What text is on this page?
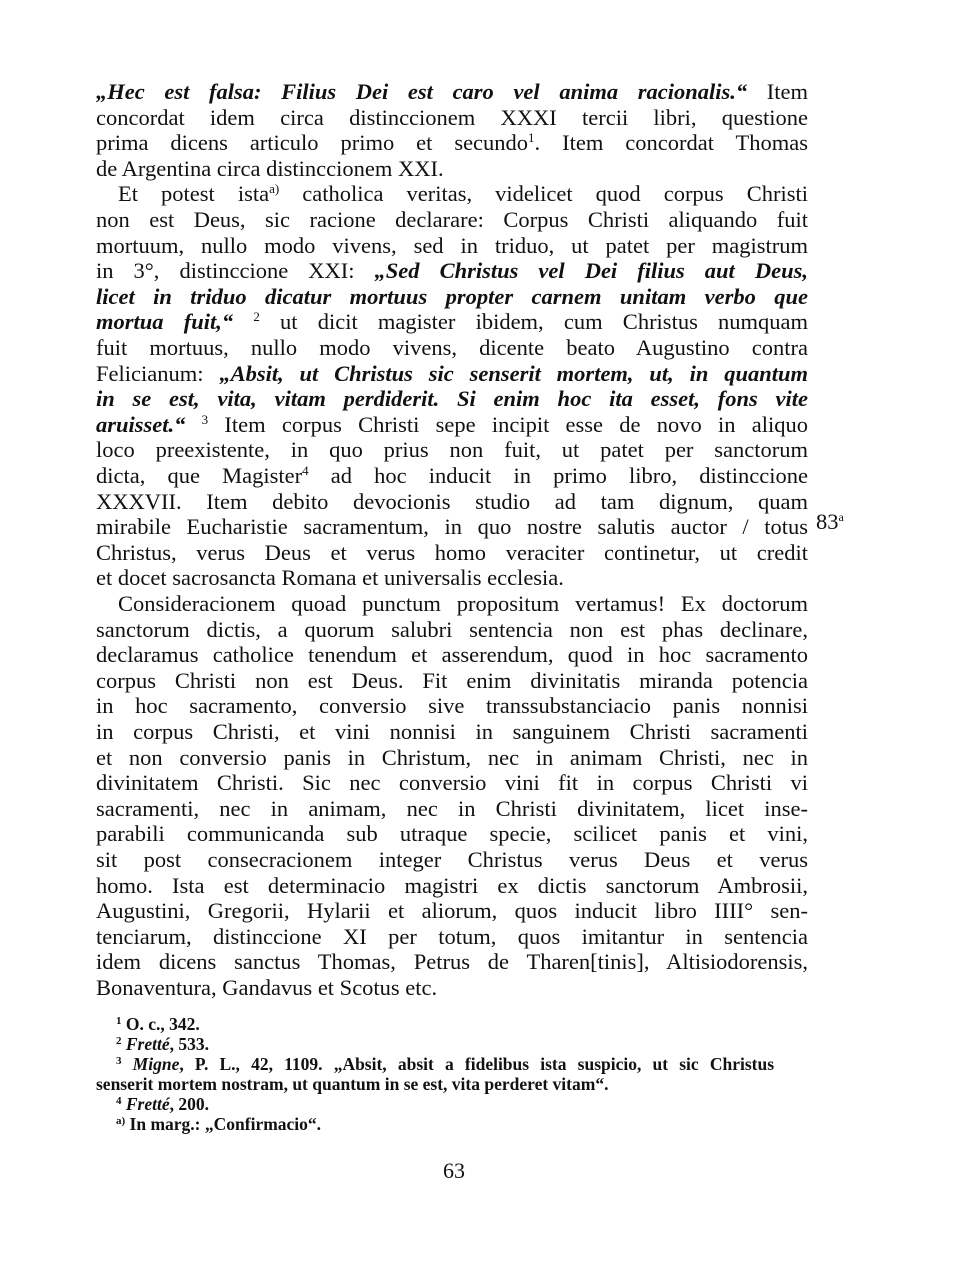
„Hec est falsa: Filius Dei est caro vel anima racionalis.“ Item

concordat idem circa distinccionem XXXI tercii libri, questione

prima dicens articulo primo et secundo$^1$. Item concordat Thomas

de Argentina circa distinccionem XXI.

Et potest ista$^{a)}$ catholica veritas, videlicet quod corpus Christi

non est Deus, sic racione declarare: Corpus Christi aliquando fuit

mortuum, nullo modo vivens, sed in triduo, ut patet per magistrum

in 3°, distinccione XXI: „Sed Christus vel Dei filius aut Deus,

licet in triduo dicatur mortuus propter carnem unitam verbo que

mortua fuit,“ $^2$ ut dicit magister ibidem, cum Christus numquam

fuit mortuus, nullo modo vivens, dicente beato Augustino contra

Felicianum: „Absit, ut Christus sic senserit mortem, ut, in quantum

in se est, vita, vitam perdiderit. Si enim hoc ita esset, fons vite

aruisset.“ $^3$ Item corpus Christi sepe incipit esse de novo in aliquo

loco preexistente, in quo prius non fuit, ut patet per sanctorum

dicta, que Magister$^4$ ad hoc inducit in primo libro, distinccione

XXXVII. Item debito devocionis studio ad tam dignum, quam

mirabile Eucharistie sacramentum, in quo nostre salutis auctor / totus

Christus, verus Deus et verus homo veraciter continetur, ut credit

et docet sacrosancta Romana et universalis ecclesia.

Consideracionem quoad punctum propositum vertamus! Ex doctorum

sanctorum dictis, a quorum salubri sentencia non est phas declinare,

declaramus catholice tenendum et asserendum, quod in hoc sacramento

corpus Christi non est Deus. Fit enim divinitatis miranda potencia

in hoc sacramento, conversio sive transsubstanciacio panis nonnisi

in corpus Christi, et vini nonnisi in sanguinem Christi sacramenti

et non conversio panis in Christum, nec in animam Christi, nec in

divinitatem Christi. Sic nec conversio vini fit in corpus Christi vi

sacramenti, nec in animam, nec in Christi divinitatem, licet inse-

parabili communicanda sub utraque specie, scilicet panis et vini,

sit post consecracionem integer Christus verus Deus et verus

homo. Ista est determinacio magistri ex dictis sanctorum Ambrosii,

Augustini, Gregorii, Hylarii et aliorum, quos inducit libro IIII° sen-

tenciarum, distinccione XI per totum, quos imitantur in sentencia

idem dicens sanctus Thomas, Petrus de Tharen[tinis], Altisiodorensis,

Bonaventura, Gandavus et Scotus etc.

83$^a$

$^1$ O. c., 342.

$^2$ Fretté, 533.

$^3$ Migne, P. L., 42, 1109. „Absit, absit a fidelibus ista suspicio, ut sic Christus

senserit mortem nostram, ut quantum in se est, vita perderet vitam“.

$^4$ Fretté, 200.

$^{a)}$ In marg.: „Confirmacio“.

63
